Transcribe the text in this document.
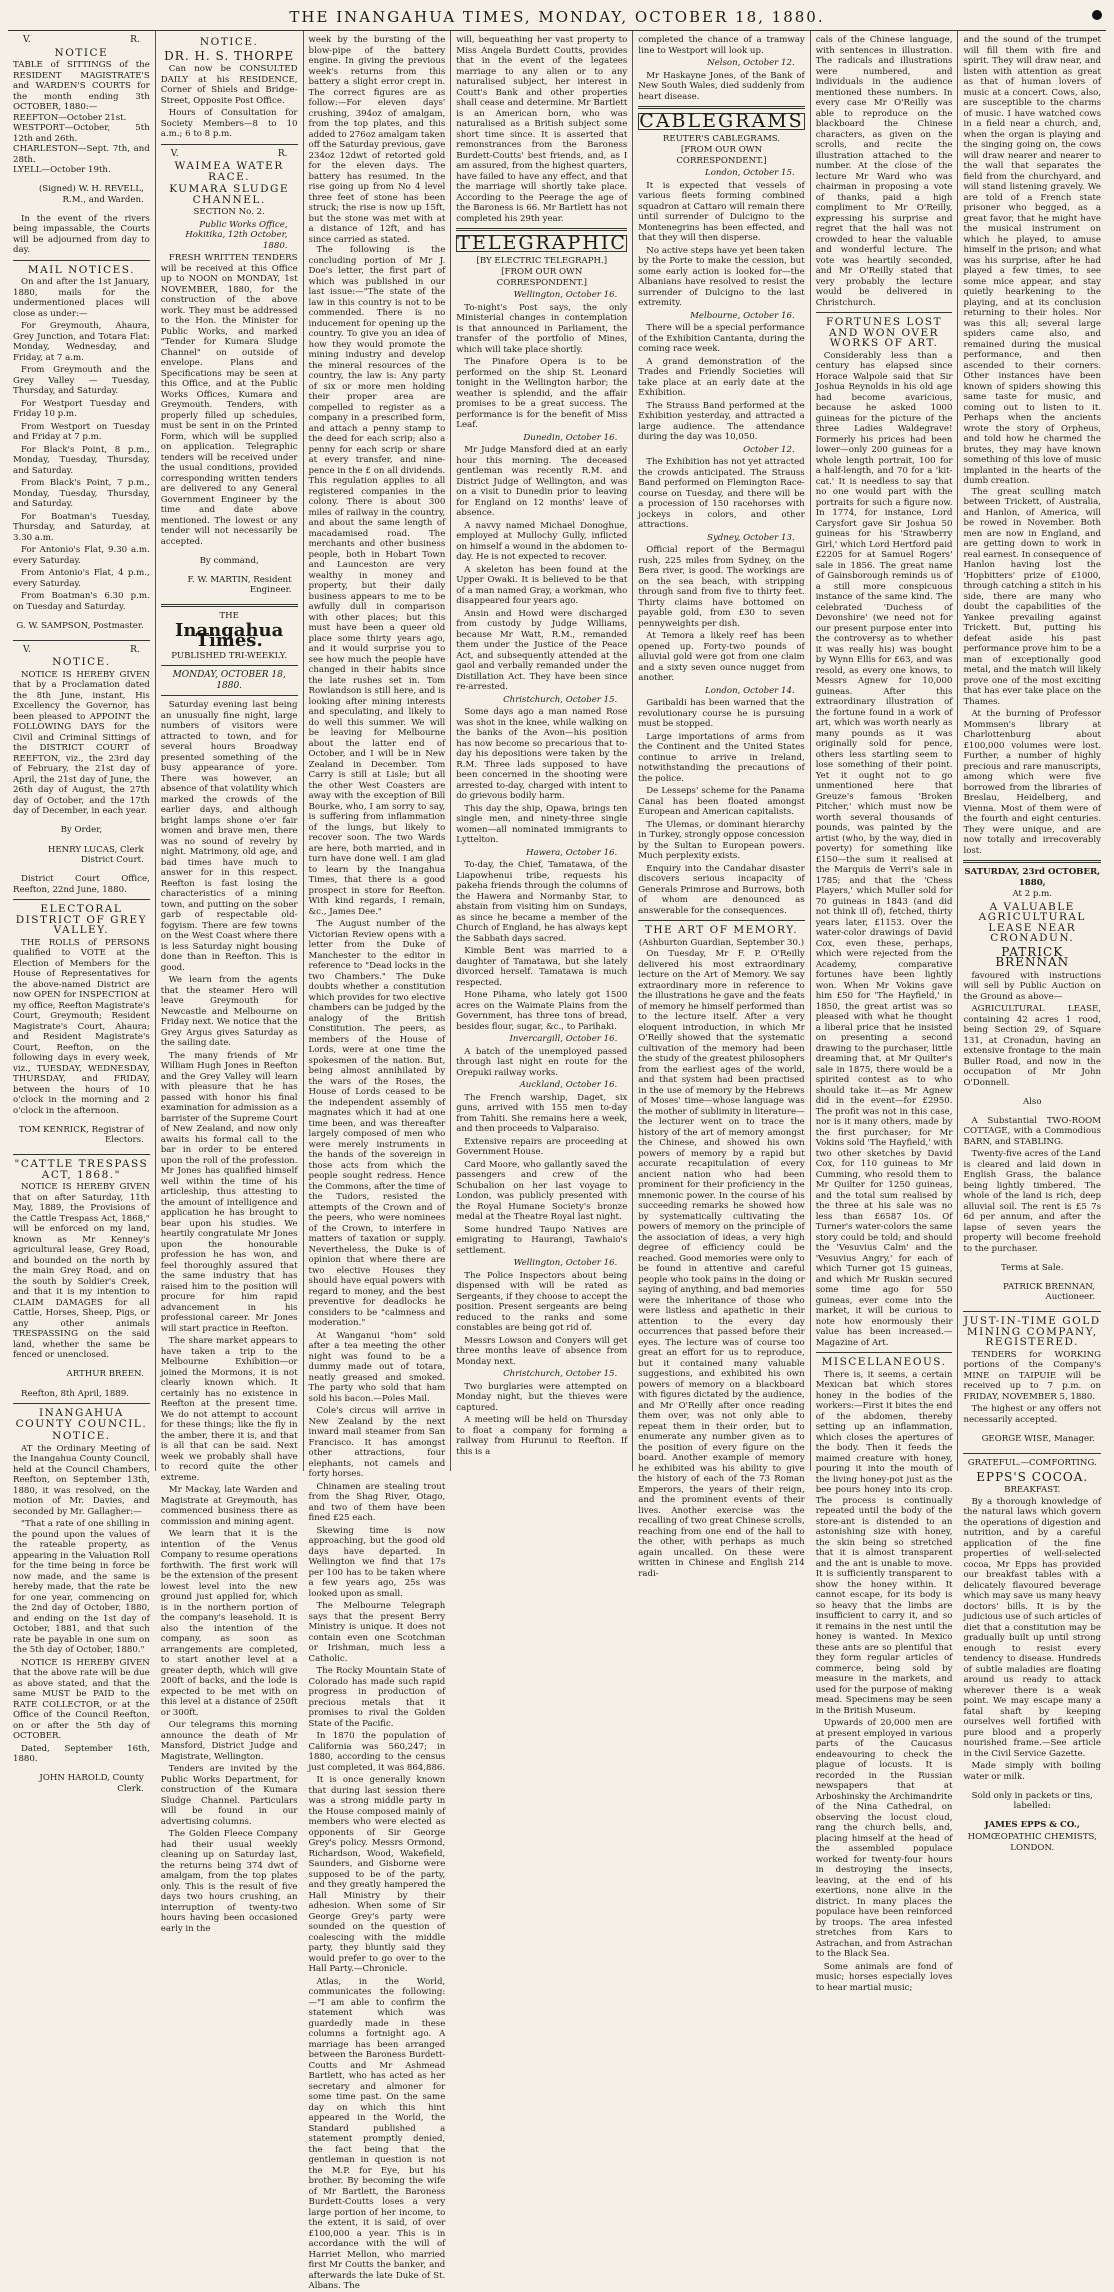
THE INANGAHUA TIMES, MONDAY, OCTOBER 18, 1880.
V.	R.
NOTICE

TABLE of SITTINGS of the RESIDENT MAGISTRATE'S and WARDEN'S COURTS for the month ending 3th OCTOBER, 1880:—

REEFTON—October 21st.

WESTPORT—October, 5th 12th and 26th.

CHARLESTON—Sept. 7th, and 28th.

LYELL—October 19th.

(Signed) W. H. REVELL, R.M., and Warden.

In the event of the rivers being impassable, the Courts will be adjourned from day to day.

MAIL NOTICES.

On and after the 1st January, 1880, mails for the undermentioned places will close as under:—

For Greymouth, Ahaura, Grey Junction, and Totara Flat: Monday, Wednesday, and Friday, at 7 a.m.

From Greymouth and the Grey Valley — Tuesday, Thursday, and Saturday.

For Westport Tuesday and Friday 10 p.m.

From Westport on Tuesday and Friday at 7 p.m.

For Black's Point, 8 p.m., Monday, Tuesday, Thursday, and Saturday.

From Black's Point, 7 p.m., Monday, Tuesday, Thursday, and Saturday.

For Boatman's Tuesday, Thursday, and Saturday, at 3.30 a.m.

For Antonio's Flat, 9.30 a.m. every Saturday.

From Antonio's Flat, 4 p.m., every Saturday.

From Boatman's 6.30 p.m. on Tuesday and Saturday.

G. W. SAMPSON, Postmaster.

V.	R.
NOTICE.

NOTICE IS HEREBY GIVEN that by a Proclamation dated the 8th June, instant, His Excellency the Governor, has been pleased to APPOINT the FOLLOWING DAYS for the Civil and Criminal Sittings of the DISTRICT COURT of REEFTON, viz., the 23rd day of February, the 21st day of April, the 21st day of June, the 26th day of August, the 27th day of October, and the 17th day of December, in each year.

By Order,

HENRY LUCAS, Clerk District Court.

District Court Office, Reefton, 22nd June, 1880.

ELECTORAL DISTRICT OF GREY VALLEY.

THE ROLLS of PERSONS qualified to VOTE at the Election of Members for the House of Representatives for the above-named District are now OPEN for INSPECTION at my office, Reefton Magistrate's Court, Greymouth; Resident Magistrate's Court, Ahaura; and Resident Magistrate's Court, Reefton, on the following days in every week, viz., TUESDAY, WEDNESDAY, THURSDAY, and FRIDAY, between the hours of 10 o'clock in the morning and 2 o'clock in the afternoon.

TOM KENRICK, Registrar of Electors.

"CATTLE TRESPASS ACT, 1868."

NOTICE IS HEREBY GIVEN that on after Saturday, 11th May, 1889, the Provisions of the Cattle Trespass Act, 1868," will be enforced on my land, known as Mr Kenney's agricultural lease, Grey Road, and bounded on the north by the main Grey Road, and on the south by Soldier's Creek, and that it is my intention to CLAIM DAMAGES for all Cattle, Horses, Sheep, Pigs, or any other animals TRESPASSING on the said land, whether the same be fenced or unenclosed.

ARTHUR BREEN.

Reefton, 8th April, 1889.

INANGAHUA COUNTY COUNCIL.
NOTICE.

AT the Ordinary Meeting of the Inangahua County Council, held at the Council Chambers, Reefton, on September 13th, 1880, it was resolved, on the motion of Mr. Davies, and seconded by Mr. Gallagher:—

"That a rate of one shilling in the pound upon the values of the rateable property, as appearing in the Valuation Roll for the time being in force be now made, and the same is hereby made, that the rate be for one year, commencing on the 2nd day of October, 1880, and ending on the 1st day of October, 1881, and that such rate be payable in one sum on the 5th day of October, 1880."

NOTICE IS HEREBY GIVEN that the above rate will be due as above stated, and that the same MUST be PAID to the RATE COLLECTOR, or at the Office of the Council Reefton, on or after the 5th day of OCTOBER.

Dated, September 16th, 1880.

JOHN HAROLD, County Clerk.

NOTICE.
DR. H. S. THORPE

Can now be CONSULTED DAILY at his RESIDENCE, Corner of Shiels and Bridge-Street, Opposite Post Office.

Hours of Consultation for Society Members—8 to 10 a.m.; 6 to 8 p.m.

V.	R.
WAIMEA WATER RACE.
KUMARA SLUDGE CHANNEL.
SECTION No. 2.

Public Works Office, Hokitika, 12th October, 1880.

FRESH WRITTEN TENDERS will be received at this Office up to NOON on MONDAY, 1st NOVEMBER, 1880, for the construction of the above work. They must be addressed to the Hon. the Minister for Public Works, and marked "Tender for Kumara Sludge Channel" on outside of envelope. Plans and Specifications may be seen at this Office, and at the Public Works Offices, Kumara and Greymouth. Tenders, with properly filled up schedules, must be sent in on the Printed Form, which will be supplied on application. Telegraphic tenders will be received under the usual conditions, provided corresponding written tenders are delivered to any General Government Engineer by the time and date above mentioned. The lowest or any tender will not necessarily be accepted.

By command,

F. W. MARTIN, Resident Engineer.

THE
Inangahua Times.
PUBLISHED TRI-WEEKLY.
MONDAY, OCTOBER 18, 1880.

Saturday evening last being an unusually fine night, large numbers of visitors were attracted to town, and for several hours Broadway presented something of the busy appearance of yore. There was however, an absence of that volatility which marked the crowds of the earlier days, and although bright lamps shone o'er fair women and brave men, there was no sound of revelry by night. Matrimony, old age, and bad times have much to answer for in this respect. Reefton is fast losing the characteristics of a mining town, and putting on the sober garb of respectable old-fogyism. There are few towns on the West Coast where there is less Saturday night bousing done than in Reefton. This is good.

We learn from the agents that the steamer Hero will leave Greymouth for Newcastle and Melbourne on Friday next. We notice that the Grey Argus gives Saturday as the sailing date.

The many friends of Mr William Hugh Jones in Reefton and the Grey Valley will learn with pleasure that he has passed with honor his final examination for admission as a barrister of the Supreme Court of New Zealand, and now only awaits his formal call to the bar in order to be entered upon the roll of the profession. Mr Jones has qualified himself well within the time of his articleship, thus attesting to the amount of intelligence and application he has brought to bear upon his studies. We heartily congratulate Mr Jones upon the honourable profession he has won, and feel thoroughly assured that the same industry that has raised him to the position will procure for him rapid advancement in his professional career. Mr Jones will start practice in Reefton.

The share market appears to have taken a trip to the Melbourne Exhibition—or joined the Mormons, it is not clearly known which. It certainly has no existence in Reefton at the present time. We do not attempt to account for these things; like the fly in the amber, there it is, and that is all that can be said. Next week we probably shall have to record quite the other extreme.

Mr Mackay, late Warden and Magistrate at Greymouth, has commenced business there as commission and mining agent.

We learn that it is the intention of the Venus Company to resume operations forthwith. The first work will be the extension of the present lowest level into the new ground just applied for, which is in the northern portion of the company's leasehold. It is also the intention of the company, as soon as arrangements are completed, to start another level at a greater depth, which will give 200ft of backs, and the lode is expected to be met with on this level at a distance of 250ft or 300ft.

Our telegrams this morning announce the death of Mr Mansford, District Judge and Magistrate, Wellington.

Tenders are invited by the Public Works Department, for construction of the Kumara Sludge Channel. Particulars will be found in our advertising columns.

The Golden Fleece Company had their usual weekly cleaning up on Saturday last, the returns being 374 dwt of amalgam, from the top plates only. This is the result of five days two hours crushing, an interruption of twenty-two hours having been occasioned early in the

week by the bursting of the blow-pipe of the battery engine. In giving the previous week's returns from this battery a slight error crept in. The correct figures are as follow:—For eleven days' crushing, 394oz of amalgam, from the top plates, and this added to 276oz amalgam taken off the Saturday previous, gave 234oz 12dwt of retorted gold for the eleven days. The battery has resumed. In the rise going up from No 4 level three feet of stone has been struck; the rise is now up 15ft, but the stone was met with at a distance of 12ft, and has since carried as stated.

The following is the concluding portion of Mr J. Doe's letter, the first part of which was published in our last issue:—"The state of the law in this country is not to be commended. There is no inducement for opening up the country. To give you an idea of how they would promote the mining industry and develop the mineral resources of the country, the law is: Any party of six or more men holding their proper area are compelled to register as a company in a prescribed form, and attach a penny stamp to the deed for each scrip; also a penny for each scrip or share at every transfer, and nine-pence in the £ on all dividends. This regulation applies to all registered companies in the colony. There is about 300 miles of railway in the country, and about the same length of macadamised road. The merchants and other business people, both in Hobart Town and Launceston are very wealthy in money and property, but their daily business appears to me to be awfully dull in comparison with other places; but this must have been a queer old place some thirty years ago, and it would surprise you to see how much the people have changed in their habits since the late rushes set in. Tom Rowlandson is still here, and is looking after mining interests and speculating, and likely to do well this summer. We will be leaving for Melbourne about the latter end of October, and I will be in New Zealand in December. Tom Carry is still at Lisle; but all the other West Coasters are away with the exception of Bill Bourke, who, I am sorry to say, is suffering from inflammation of the lungs, but likely to recover soon. The two Wards are here, both married, and in turn have done well. I am glad to learn by the Inangahua Times, that there is a good prospect in store for Reefton. With kind regards, I remain, &c., James Dee."

The August number of the Victorian Review opens with a letter from the Duke of Manchester to the editor in reference to "Dead locks in the two Chambers." The Duke doubts whether a constitution which provides for two elective chambers can be judged by the analogy of the British Constitution. The peers, as members of the House of Lords, were at one time the spokesmen of the nation. But, being almost annihilated by the wars of the Roses, the House of Lords ceased to be the independent assembly of magnates which it had at one time been, and was thereafter largely composed of men who were merely instruments in the hands of the sovereign in those acts from which the people sought redress. Hence the Commons, after the time of the Tudors, resisted the attempts of the Crown and of the peers, who were nominees of the Crown, to interfere in matters of taxation or supply. Nevertheless, the Duke is of opinion that where there are two elective Houses they should have equal powers with regard to money, and the best preventive for deadlocks he considers to be "calmness and moderation."

At Wanganui "hom" sold after a tea meeting the other night was found to be a dummy made out of totara, neatly greased and smoked. The party who sold that ham sold his bacon.—Poles Mail.

Cole's circus will arrive in New Zealand by the next inward mail steamer from San Francisco. It has amongst other attractions, four elephants, not camels and forty horses.

Chinamen are stealing trout from the Shag River, Otago, and two of them have been fined £25 each.

Skewing time is now approaching, but the good old days have departed. In Wellington we find that 17s per 100 has to be taken where a few years ago, 25s was looked upon as small.

The Melbourne Telegraph says that the present Berry Ministry is unique. It does not contain even one Scotchman or Irishman, much less a Catholic.

The Rocky Mountain State of Colorado has made such rapid progress in production of precious metals that it promises to rival the Golden State of the Pacific.

In 1870 the population of California was 560,247; in 1880, according to the census just completed, it was 864,886.

It is once generally known that during last session there was a strong middle party in the House composed mainly of members who were elected as opponents of Sir George Grey's policy. Messrs Ormond, Richardson, Wood, Wakefield, Saunders, and Gisborne were supposed to be of the party, and they greatly hampered the Hall Ministry by their adhesion. When some of Sir George Grey's party were sounded on the question of coalescing with the middle party, they bluntly said they would prefer to go over to the Hall Party.—Chronicle.

Atlas, in the World, communicates the following:—"I am able to confirm the statement which was guardedly made in these columns a fortnight ago. A marriage has been arranged between the Baroness Burdett-Coutts and Mr Ashmead Bartlett, who has acted as her secretary and almoner for some time past. On the same day on which this hint appeared in the World, the Standard published a statement promptly denied, the fact being that the gentleman in question is not the M.P. for Eye, but his brother. By becoming the wife of Mr Bartlett, the Baroness Burdett-Coutts loses a very large portion of her income, to the extent, it is said, of over £100,000 a year. This is in accordance with the will of Harriet Mellon, who married first Mr Coutts the banker, and afterwards the late Duke of St. Albans. The

will, bequeathing her vast property to Miss Angela Burdett Coutts, provides that in the event of the legatees marriage to any alien or to any naturalised subject, her interest in Coutt's Bank and other properties shall cease and determine. Mr Bartlett is an American born, who was naturalised as a British subject some short time since. It is asserted that remonstrances from the Baroness Burdett-Coutts' best friends, and, as I am assured, from the highest quarters, have failed to have any effect, and that the marriage will shortly take place. According to the Peerage the age of the Baroness is 66. Mr Bartlett has not completed his 29th year.

TELEGRAPHIC
[BY ELECTRIC TELEGRAPH.]
[FROM OUR OWN CORRESPONDENT.]

Wellington, October 16.

To-night's Post says, the only Ministerial changes in contemplation is that announced in Parliament, the transfer of the portfolio of Mines, which will take place shortly.

The Pinafore Opera is to be performed on the ship St. Leonard tonight in the Wellington harbor; the weather is splendid, and the affair promises to be a great success. The performance is for the benefit of Miss Leaf.

Dunedin, October 16.

Mr Judge Mansford died at an early hour this morning. The deceased gentleman was recently R.M. and District Judge of Wellington, and was on a visit to Dunedin prior to leaving for England on 12 months' leave of absence.

A navvy named Michael Donoghue, employed at Mullochy Gully, inflicted on himself a wound in the abdomen to-day. He is not expected to recover.

A skeleton has been found at the Upper Owaki. It is believed to be that of a man named Gray, a workman, who disappeared four years ago.

Ansin and Howd were discharged from custody by Judge Williams, because Mr Watt, R.M., remanded them under the Justice of the Peace Act, and subsequently attended at the gaol and verbally remanded under the Distillation Act. They have been since re-arrested.

Christchurch, October 15.

Some days ago a man named Rose was shot in the knee, while walking on the banks of the Avon—his position has now become so precarious that to-day his depositions were taken by the R.M. Three lads supposed to have been concerned in the shooting were arrested to-day, charged with intent to do grievous bodily harm.

This day the ship, Opawa, brings ten single men, and ninety-three single women—all nominated immigrants to Lyttelton.

Hawera, October 16.

To-day, the Chief, Tamatawa, of the Liapowhenui tribe, requests his pakeha friends through the columns of the Hawera and Normanby Star, to abstain from visiting him on Sundays, as since he became a member of the Church of England, he has always kept the Sabbath days sacred.

Kimble Bent was married to a daughter of Tamatawa, but she lately divorced herself. Tamatawa is much respected.

Hone Pihama, who lately got 1500 acres on the Waimate Plains from the Government, has three tons of bread, besides flour, sugar, &c., to Parihaki.

Invercargill, October 16.

A batch of the unemployed passed through last night en route for the Orepuki railway works.

Auckland, October 16.

The French warship, Daget, six guns, arrived with 155 men to-day from Tahiti. She remains here a week, and then proceeds to Valparaiso.

Extensive repairs are proceeding at Government House.

Card Moore, who gallantly saved the passengers and crew of the Schubalion on her last voyage to London, was publicly presented with the Royal Humane Society's bronze medal at the Theatre Royal last night.

Some hundred Taupo Natives are emigrating to Haurangi, Tawhaio's settlement.

Wellington, October 16.

The Police Inspectors about being dispensed with will be rated as Sergeants, if they choose to accept the position. Present sergeants are being reduced to the ranks and some constables are being got rid of.

Messrs Lowson and Conyers will get three months leave of absence from Monday next.

Christchurch, October 15.

Two burglaries were attempted on Monday night, but the thieves were captured.

A meeting will be held on Thursday to float a company for forming a railway from Hurunui to Reefton. If this is a

completed the chance of a tramway line to Westport will look up.

Nelson, October 12.

Mr Haskayne Jones, of the Bank of New South Wales, died suddenly from heart disease.

CABLEGRAMS
REUTER'S CABLEGRAMS.
[FROM OUR OWN CORRESPONDENT.]

London, October 15.

It is expected that vessels of various fleets forming combined squadron at Cattaro will remain there until surrender of Dulcigno to the Montenegrins has been effected, and that they will then disperse.

No active steps have yet been taken by the Porte to make the cession, but some early action is looked for—the Albanians have resolved to resist the surrender of Dulcigno to the last extremity.

Melbourne, October 16.

There will be a special performance of the Exhibition Cantanta, during the coming race week.

A grand demonstration of the Trades and Friendly Societies will take place at an early date at the Exhibition.

The Strauss Band performed at the Exhibition yesterday, and attracted a large audience. The attendance during the day was 10,050.

October 12.

The Exhibition has not yet attracted the crowds anticipated. The Strauss Band performed on Flemington Race-course on Tuesday, and there will be a procession of 150 racehorses with jockeys in colors, and other attractions.

Sydney, October 13.

Official report of the Bermagui rush, 225 miles from Sydney, on the Bera river, is good. The workings are on the sea beach, with stripping through sand from five to thirty feet. Thirty claims have bottomed on payable gold, from £30 to seven pennyweights per dish.

At Temora a likely reef has been opened up. Forty-two pounds of alluvial gold were got from one claim and a sixty seven ounce nugget from another.

London, October 14.

Garibaldi has been warned that the revolutionary course he is pursuing must be stopped.

Large importations of arms from the Continent and the United States continue to arrive in Ireland, notwithstanding the precautions of the police.

De Lesseps' scheme for the Panama Canal has been floated amongst European and American capitalists.

The Ulemas, or dominant hierarchy in Turkey, strongly oppose concession by the Sultan to European powers. Much perplexity exists.

Enquiry into the Candahar disaster discovers serious incapacity of Generals Primrose and Burrows, both of whom are denounced as answerable for the consequences.

THE ART OF MEMORY.
(Ashburton Guardian, September 30.)

On Tuesday, Mr F. P. O'Reilly delivered his most extraordinary lecture on the Art of Memory. We say extraordinary more in reference to the illustrations he gave and the feats of memory he himself performed than to the lecture itself. After a very eloquent introduction, in which Mr O'Reilly showed that the systematic cultivation of the memory had been the study of the greatest philosophers from the earliest ages of the world, and that system had been practised in the use of memory by the Hebrews of Moses' time—whose language was the mother of sublimity in literature—the lecturer went on to trace the history of the art of memory amongst the Chinese, and showed his own powers of memory by a rapid but accurate recapitulation of every ancient nation who had been prominent for their proficiency in the mnemonic power. In the course of his succeeding remarks he showed how by systematically cultivating the powers of memory on the principle of the association of ideas, a very high degree of efficiency could be reached. Good memories were only to be found in attentive and careful people who took pains in the doing or saying of anything, and bad memories were the inheritance of those who were listless and apathetic in their attention to the every day occurrences that passed before their eyes. The lecture was of course too great an effort for us to reproduce, but it contained many valuable suggestions, and exhibited his own powers of memory on a blackboard with figures dictated by the audience, and Mr O'Reilly after once reading them over, was not only able to repeat them in their order, but to enumerate any number given as to the position of every figure on the board. Another example of memory he exhibited was his ability to give the history of each of the 73 Roman Emperors, the years of their reign, and the prominent events of their lives. Another exercise was the recalling of two great Chinese scrolls, reaching from one end of the hall to the other, with perhaps as much again uncalled. On these were written in Chinese and English 214 radi-

cals of the Chinese language, with sentences in illustration. The radicals and illustrations were numbered, and individuals in the audience mentioned these numbers. In every case Mr O'Reilly was able to reproduce on the blackboard the Chinese characters, as given on the scrolls, and recite the illustration attached to the number. At the close of the lecture Mr Ward who was chairman in proposing a vote of thanks, paid a high compliment to Mr O'Reilly, expressing his surprise and regret that the hall was not crowded to hear the valuable and wonderful lecture. The vote was heartily seconded, and Mr O'Reilly stated that very probably the lecture would be delivered in Christchurch.

FORTUNES LOST AND WON OVER WORKS OF ART.

Considerably less than a century has elapsed since Horace Walpole said that Sir Joshua Reynolds in his old age had become avaricious, because he asked 1000 guineas for the picture of the three Ladies Waldegrave! Formerly his prices had been lower—only 200 guineas for a whole length portrait, 100 for a half-length, and 70 for a 'kit-cat.' It is needless to say that no one would part with the portraits for such a figure now. In 1774, for instance, Lord Carysfort gave Sir Joshua 50 guineas for his 'Strawberry Girl,' which Lord Hertford paid £2205 for at Samuel Rogers' sale in 1856. The great name of Gainsborough reminds us of a still more conspicuous instance of the same kind. The celebrated 'Duchess of Devonshire' (we need not for our present purpose enter into the controversy as to whether it was really his) was bought by Wynn Ellis for £63, and was resold, as every one knows, to Messrs Agnew for 10,000 guineas. After this extraordinary illustration of the fortune found in a work of art, which was worth nearly as many pounds as it was originally sold for pence, others less startling seem to lose something of their point. Yet it ought not to go unmentioned here that Greuze's famous 'Broken Pitcher,' which must now be worth several thousands of pounds, was painted by the artist (who, by the way, died in poverty) for something like £150—the sum it realised at the Marquis de Verri's sale in 1785; and that the 'Chess Players,' which Muller sold for 70 guineas in 1843 (and did not think ill of), fetched, thirty years later, £1153. Over the water-color drawings of David Cox, even these, perhaps, which were rejected from the Academy, comparative fortunes have been lightly won. When Mr Vokins gave him £50 for 'The Hayfield,' in 1850, the great artist was so pleased with what he thought a liberal price that he insisted on presenting a second drawing to the purchaser, little dreaming that, at Mr Quilter's sale in 1875, there would be a spirited contest as to who should take it—as Mr Agnew did in the event—for £2950. The profit was not in this case, nor is it many others, made by the first purchaser; for Mr Vokins sold 'The Hayfield,' with two other sketches by David Cox, for 110 guineas to Mr Cumming, who resold them to Mr Quilter for 1250 guineas, and the total sum realised by the three at his sale was no less than £6587 10s. Of Turner's water-colors the same story could be told; and should the 'Vesuvius Calm' and the 'Vesuvius Angry,' for each of which Turner got 15 guineas, and which Mr Ruskin secured some time ago for 550 guineas, ever come into the market, it will be curious to note how enormously their value has been increased.—Magazine of Art.

MISCELLANEOUS.

There is, it seems, a certain Mexican bat which stores honey in the bodies of the workers:—First it bites the end of the abdomen, thereby setting up an inflammation, which closes the apertures of the body. Then it feeds the maimed creature with honey, pouring it into the mouth of the living honey-pot just as the bee pours honey into its crop. The process is continually repeated until the body of the store-ant is distended to an astonishing size with honey, the skin being so stretched that it is almost transparent and the ant is unable to move. It is sufficiently transparent to show the honey within. It cannot escape, for its body is so heavy that the limbs are insufficient to carry it, and so it remains in the nest until the honey is wanted. In Mexico these ants are so plentiful that they form regular articles of commerce, being sold by measure in the markets, and used for the purpose of making mead. Specimens may be seen in the British Museum.

Upwards of 20,000 men are at present employed in various parts of the Caucasus endeavouring to check the plague of locusts. It is recorded in the Russian newspapers that at Arboshinsky the Archimandrite of the Nina Cathedral, on observing the locust cloud, rang the church bells, and, placing himself at the head of the assembled populace worked for twenty-four hours in destroying the insects, leaving, at the end of his exertions, none alive in the district. In many places the populace have been reinforced by troops. The area infested stretches from Kars to Astrachan, and from Astrachan to the Black Sea.

Some animals are fond of music; horses especially loves to hear martial music;

and the sound of the trumpet will fill them with fire and spirit. They will draw near, and listen with attention as great as that of human lovers of music at a concert. Cows, also, are susceptible to the charms of music. I have watched cows in a field near a church, and, when the organ is playing and the singing going on, the cows will draw nearer and nearer to the wall that separates the field from the churchyard, and will stand listening gravely. We are told of a French state prisoner who begged, as a great favor, that he might have the musical instrument on which he played, to amuse himself in the prison; and what was his surprise, after he had played a few times, to see some mice appear, and stay quietly hearkening to the playing, and at its conclusion returning to their holes. Nor was this all; several large spiders came also, and remained during the musical performance, and then ascended to their corners. Other instances have been known of spiders showing this same taste for music, and coming out to listen to it. Perhaps when the ancients wrote the story of Orpheus, and told how he charmed the brutes, they may have known something of this love of music implanted in the hearts of the dumb creation.

The great sculling match between Trickett, of Australia, and Hanlon, of America, will be rowed in November. Both men are now in England, and are getting down to work in real earnest. In consequence of Hanlon having lost the 'Hopbitters' prize of £1000, through catching a stitch in his side, there are many who doubt the capabilities of the Yankee prevailing against Trickett. But, putting his defeat aside his past performance prove him to be a man of exceptionally good metal, and the match will likely prove one of the most exciting that has ever take place on the Thames.

At the burning of Professor Mommsen's library at Charlottenburg about £100,000 volumes were lost. Further, a number of highly precious and rare manuscripts, among which were five borrowed from the libraries of Breslau, Heidelberg, and Vienna. Most of them were of the fourth and eight centuries. They were unique, and are now totally and irrecoverably lost.

SATURDAY, 23rd OCTOBER, 1880,
At 2 p.m.
A VALUABLE AGRICULTURAL LEASE NEAR CRONADUN.
PATRICK BRENNAN

favoured with instructions will sell by Public Auction on the Ground as above—

AGRICULTURAL LEASE, containing 42 acres 1 rood, being Section 29, of Square 131, at Cronadun, having an extensive frontage to the main Buller Road, and now in the occupation of Mr John O'Donnell.

Also

A Substantial TWO-ROOM COTTAGE, with a Commodious BARN, and STABLING.

Twenty-five acres of the Land is cleared and laid down in English Grass, the balance being lightly timbered. The whole of the land is rich, deep alluvial soil. The rent is £5 7s 6d per annum, and after the lapse of seven years the property will become freehold to the purchaser.

Terms at Sale.

PATRICK BRENNAN, Auctioneer.

JUST-IN-TIME GOLD MINING COMPANY, REGISTERED.

TENDERS for WORKING portions of the Company's MINE on TAIPUIE will be received up to 7 p.m. on FRIDAY, NOVEMBER 5, 1880.

The highest or any offers not necessarily accepted.

GEORGE WISE, Manager.

GRATEFUL.—COMFORTING.
EPPS'S COCOA.
BREAKFAST.

By a thorough knowledge of the natural laws which govern the operations of digestion and nutrition, and by a careful application of the fine properties of well-selected cocoa, Mr Epps has provided our breakfast tables with a delicately flavoured beverage which may save us many heavy doctors' bills. It is by the judicious use of such articles of diet that a constitution may be gradually built up until strong enough to resist every tendency to disease. Hundreds of subtle maladies are floating around us ready to attack wherever there is a weak point. We may escape many a fatal shaft by keeping ourselves well fortified with pure blood and a properly nourished frame.—See article in the Civil Service Gazette.

Made simply with boiling water or milk.

Sold only in packets or tins, labelled:

JAMES EPPS & CO.,
HOMŒOPATHIC CHEMISTS,
LONDON.
